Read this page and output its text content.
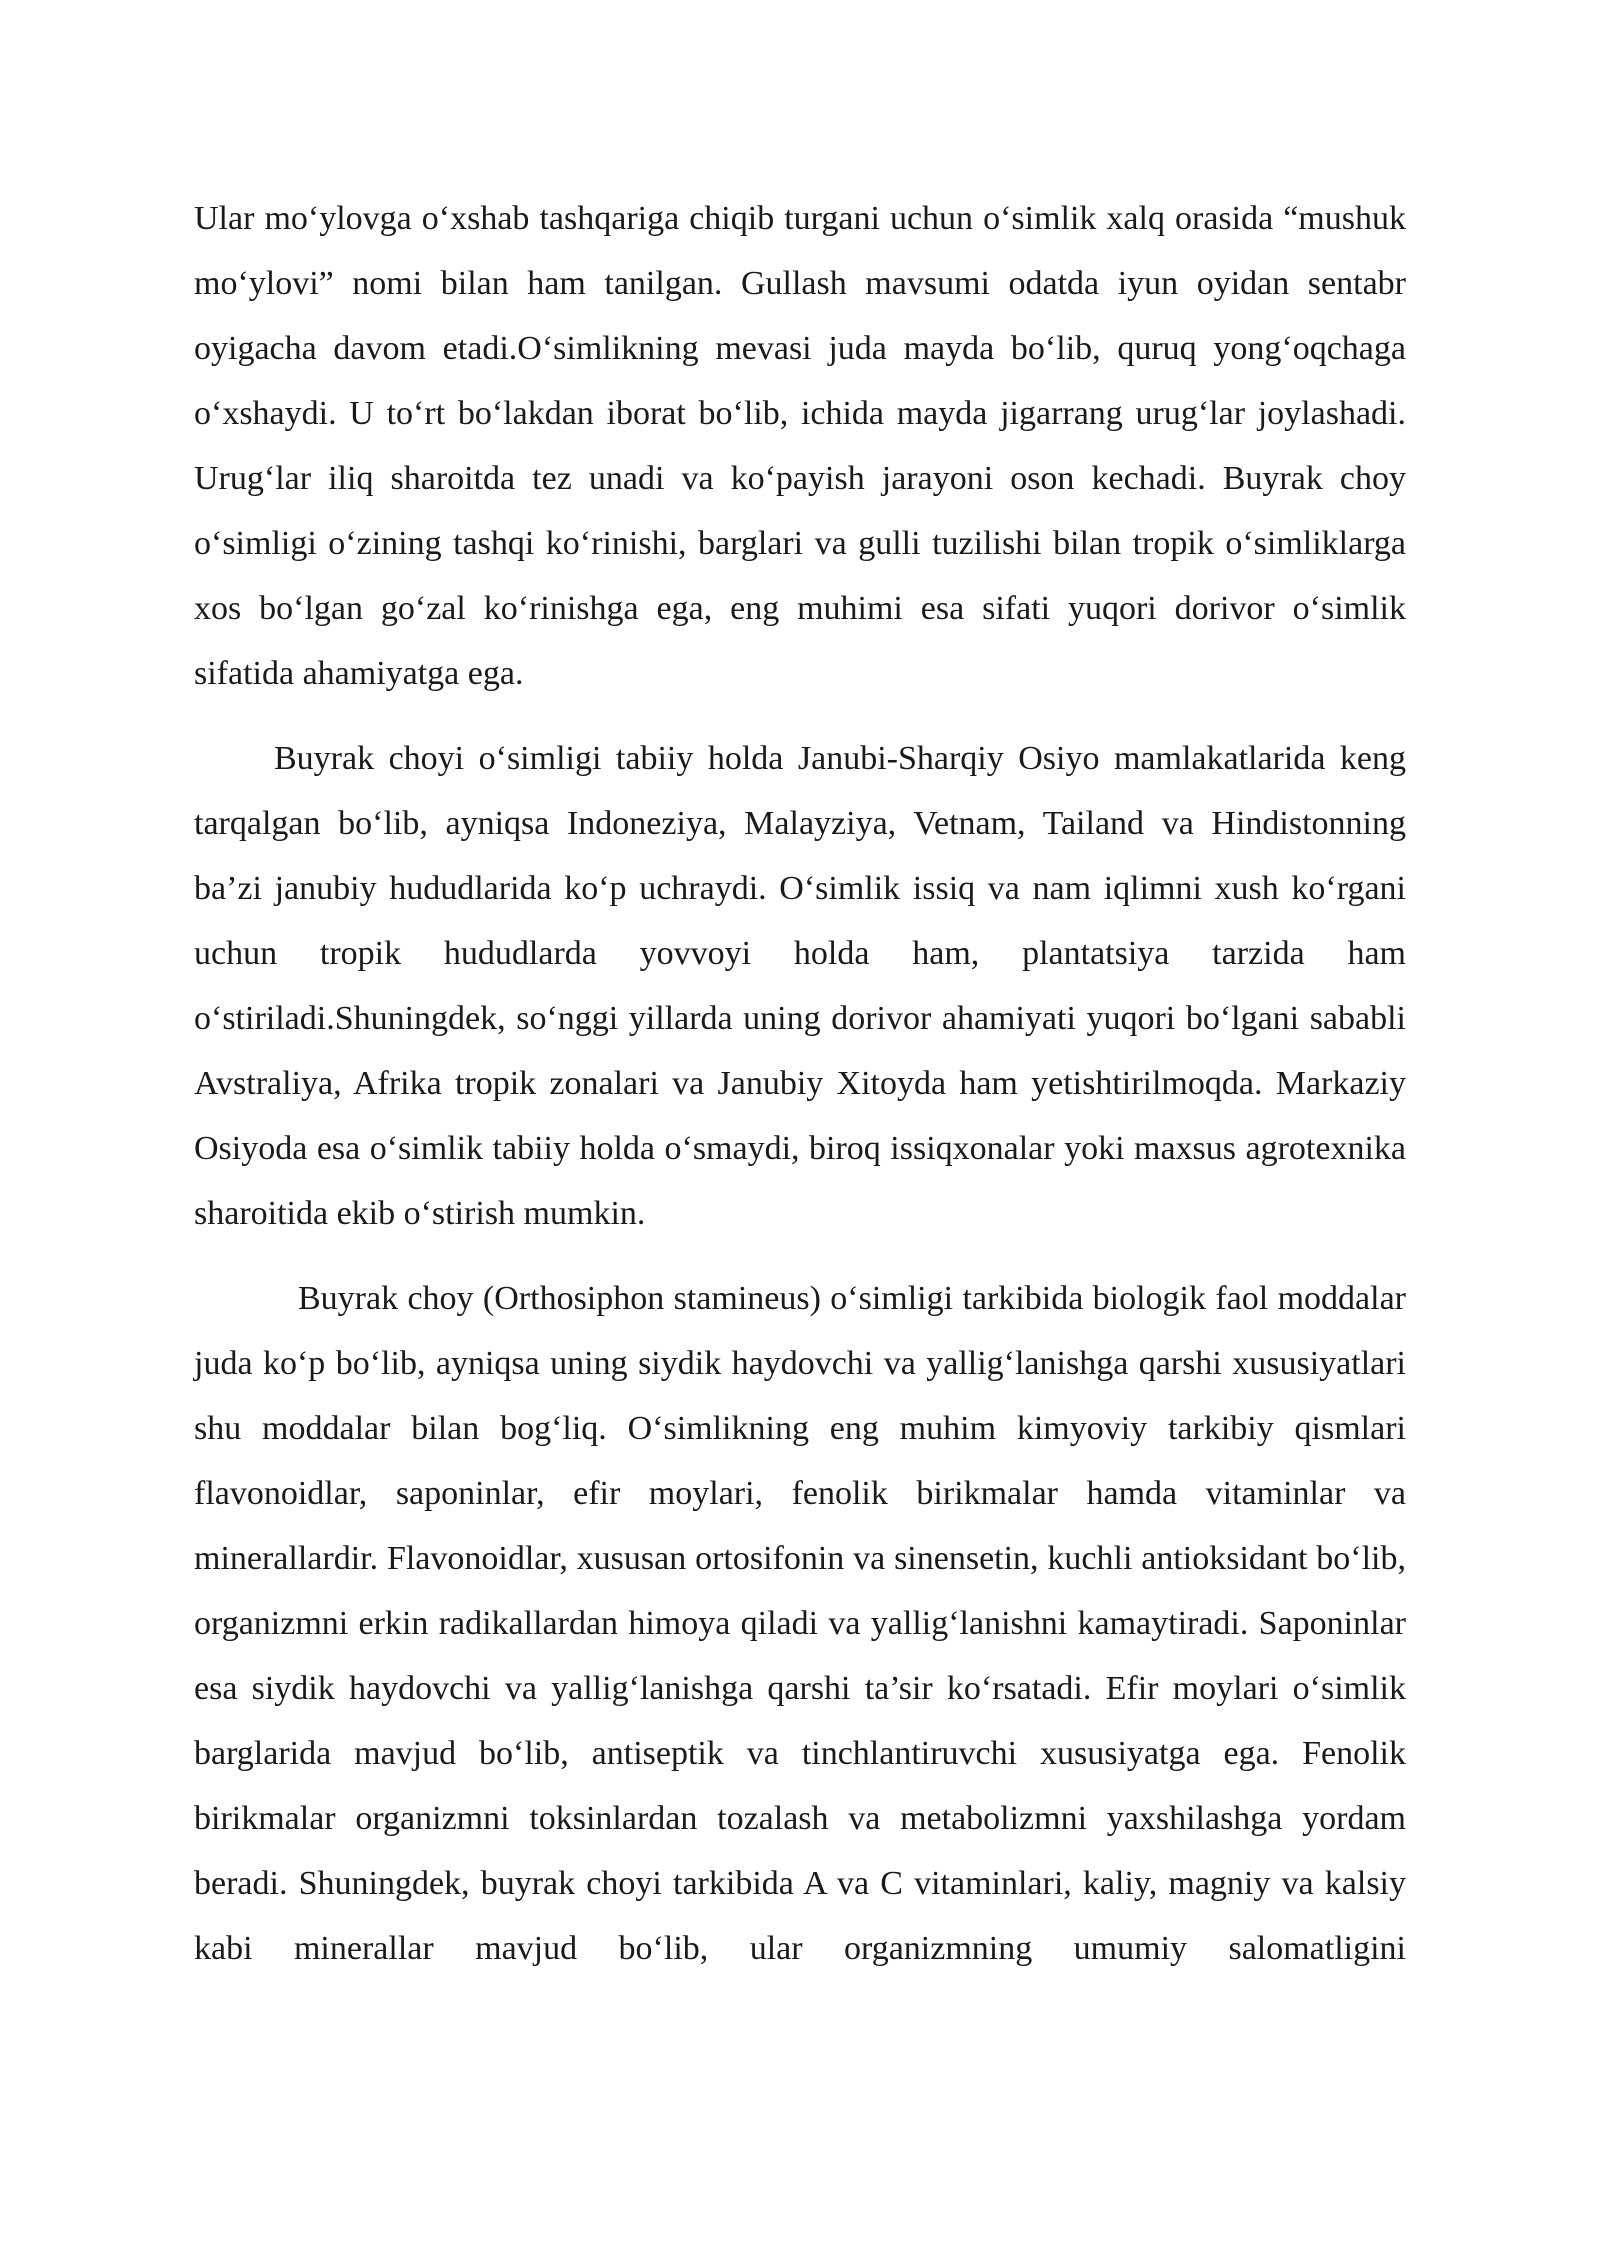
Ular mo‘ylovga o‘xshab tashqariga chiqib turgani uchun o‘simlik xalq orasida “mushuk mo‘ylovi” nomi bilan ham tanilgan. Gullash mavsumi odatda iyun oyidan sentabr oyigacha davom etadi.O‘simlikning mevasi juda mayda bo‘lib, quruq yong‘oqchaga o‘xshaydi. U to‘rt bo‘lakdan iborat bo‘lib, ichida mayda jigarrang urug‘lar joylashadi. Urug‘lar iliq sharoitda tez unadi va ko‘payish jarayoni oson kechadi. Buyrak choy o‘simligi o‘zining tashqi ko‘rinishi, barglari va gulli tuzilishi bilan tropik o‘simliklarga xos bo‘lgan go‘zal ko‘rinishga ega, eng muhimi esa sifati yuqori dorivor o‘simlik sifatida ahamiyatga ega.

Buyrak choyi o‘simligi tabiiy holda Janubi-Sharqiy Osiyo mamlakatlarida keng tarqalgan bo‘lib, ayniqsa Indoneziya, Malayziya, Vetnam, Tailand va Hindistonning ba’zi janubiy hududlarida ko‘p uchraydi. O‘simlik issiq va nam iqlimni xush ko‘rgani uchun tropik hududlarda yovvoyi holda ham, plantatsiya tarzida ham o‘stiriladi.Shuningdek, so‘nggi yillarda uning dorivor ahamiyati yuqori bo‘lgani sababli Avstraliya, Afrika tropik zonalari va Janubiy Xitoyda ham yetishtirilmoqda. Markaziy Osiyoda esa o‘simlik tabiiy holda o‘smaydi, biroq issiqxonalar yoki maxsus agrotexnika sharoitida ekib o‘stirish mumkin.

Buyrak choy (Orthosiphon stamineus) o‘simligi tarkibida biologik faol moddalar juda ko‘p bo‘lib, ayniqsa uning siydik haydovchi va yallig‘lanishga qarshi xususiyatlari shu moddalar bilan bog‘liq. O‘simlikning eng muhim kimyoviy tarkibiy qismlari flavonoidlar, saponinlar, efir moylari, fenolik birikmalar hamda vitaminlar va minerallardir. Flavonoidlar, xususan ortosifonin va sinensetin, kuchli antioksidant bo‘lib, organizmni erkin radikallardan himoya qiladi va yallig‘lanishni kamaytiradi. Saponinlar esa siydik haydovchi va yallig‘lanishga qarshi ta’sir ko‘rsatadi. Efir moylari o‘simlik barglarida mavjud bo‘lib, antiseptik va tinchlantiruvchi xususiyatga ega. Fenolik birikmalar organizmni toksinlardan tozalash va metabolizmni yaxshilashga yordam beradi. Shuningdek, buyrak choyi tarkibida A va C vitaminlari, kaliy, magniy va kalsiy kabi minerallar mavjud bo‘lib, ular organizmning umumiy salomatligini
